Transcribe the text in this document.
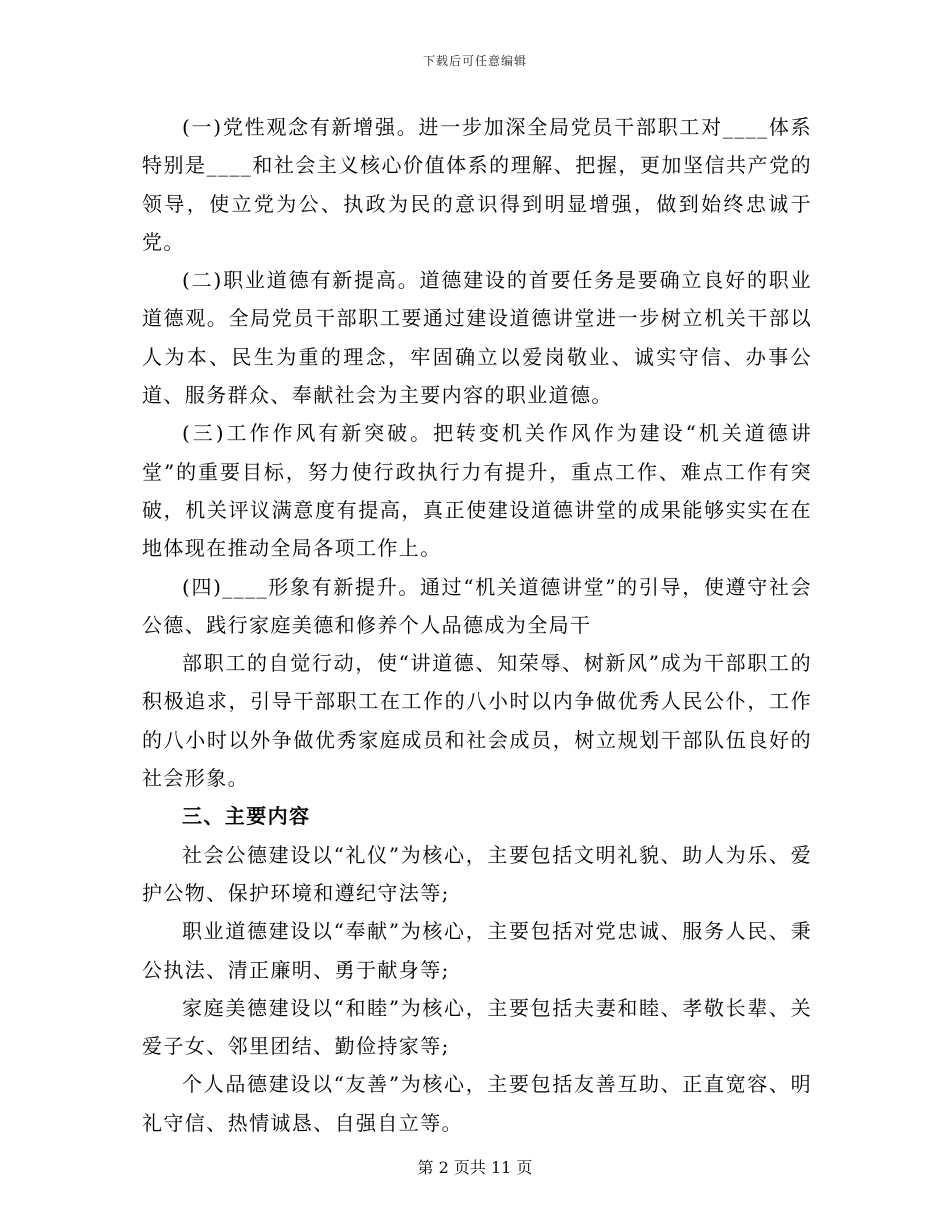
下载后可任意编辑

(一)党性观念有新增强。进一步加深全局党员干部职工对____体系特别是____和社会主义核心价值体系的理解、把握，更加坚信共产党的领导，使立党为公、执政为民的意识得到明显增强，做到始终忠诚于党。

(二)职业道德有新提高。道德建设的首要任务是要确立良好的职业道德观。全局党员干部职工要通过建设道德讲堂进一步树立机关干部以人为本、民生为重的理念，牢固确立以爱岗敬业、诚实守信、办事公道、服务群众、奉献社会为主要内容的职业道德。

(三)工作作风有新突破。把转变机关作风作为建设“机关道德讲堂”的重要目标，努力使行政执行力有提升，重点工作、难点工作有突破，机关评议满意度有提高，真正使建设道德讲堂的成果能够实实在在地体现在推动全局各项工作上。

(四)____形象有新提升。通过“机关道德讲堂”的引导，使遵守社会公德、践行家庭美德和修养个人品德成为全局干

部职工的自觉行动，使“讲道德、知荣辱、树新风”成为干部职工的积极追求，引导干部职工在工作的八小时以内争做优秀人民公仆，工作的八小时以外争做优秀家庭成员和社会成员，树立规划干部队伍良好的社会形象。

三、主要内容

社会公德建设以“礼仪”为核心，主要包括文明礼貌、助人为乐、爱护公物、保护环境和遵纪守法等;

职业道德建设以“奉献”为核心，主要包括对党忠诚、服务人民、秉公执法、清正廉明、勇于献身等;

家庭美德建设以“和睦”为核心，主要包括夫妻和睦、孝敬长辈、关爱子女、邻里团结、勤俭持家等;

个人品德建设以“友善”为核心，主要包括友善互助、正直宽容、明礼守信、热情诚恳、自强自立等。

第 2 页共 11 页
